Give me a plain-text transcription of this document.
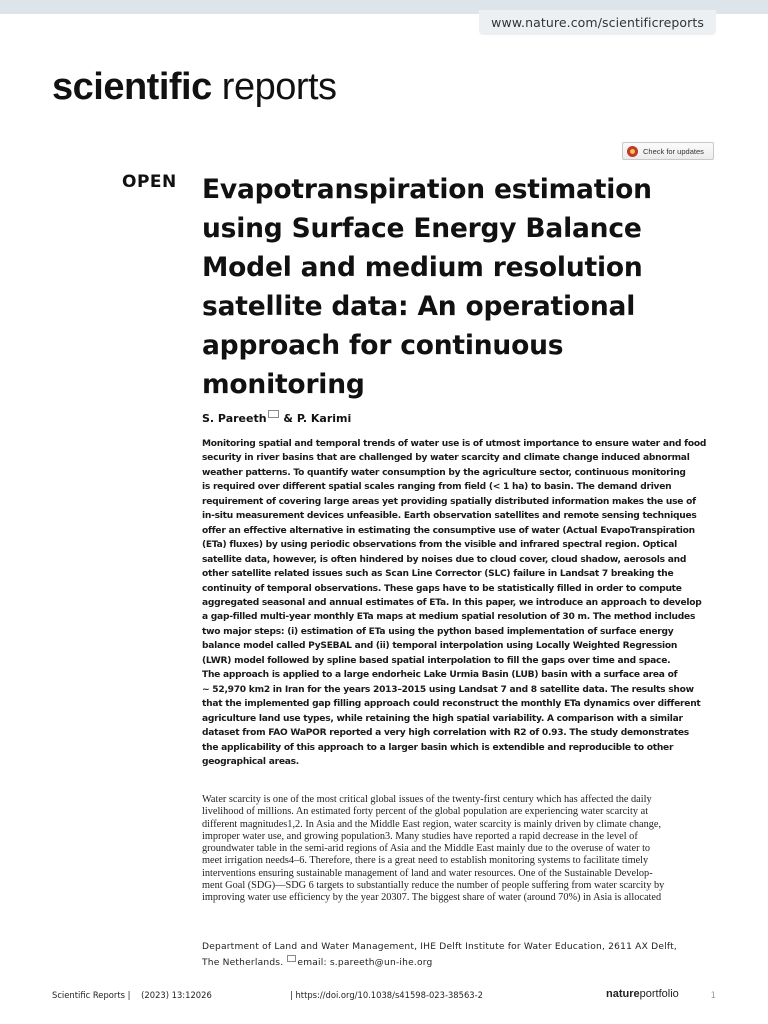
www.nature.com/scientificreports
scientific reports
Check for updates
OPEN Evapotranspiration estimation using Surface Energy Balance Model and medium resolution satellite data: An operational approach for continuous monitoring
S. Pareeth & P. Karimi
Monitoring spatial and temporal trends of water use is of utmost importance to ensure water and food
security in river basins that are challenged by water scarcity and climate change induced abnormal
weather patterns. To quantify water consumption by the agriculture sector, continuous monitoring
is required over different spatial scales ranging from field (< 1 ha) to basin. The demand driven
requirement of covering large areas yet providing spatially distributed information makes the use of
in-situ measurement devices unfeasible. Earth observation satellites and remote sensing techniques
offer an effective alternative in estimating the consumptive use of water (Actual EvapoTranspiration
(ETa) fluxes) by using periodic observations from the visible and infrared spectral region. Optical
satellite data, however, is often hindered by noises due to cloud cover, cloud shadow, aerosols and
other satellite related issues such as Scan Line Corrector (SLC) failure in Landsat 7 breaking the
continuity of temporal observations. These gaps have to be statistically filled in order to compute
aggregated seasonal and annual estimates of ETa. In this paper, we introduce an approach to develop
a gap-filled multi-year monthly ETa maps at medium spatial resolution of 30 m. The method includes
two major steps: (i) estimation of ETa using the python based implementation of surface energy
balance model called PySEBAL and (ii) temporal interpolation using Locally Weighted Regression
(LWR) model followed by spline based spatial interpolation to fill the gaps over time and space.
The approach is applied to a large endorheic Lake Urmia Basin (LUB) basin with a surface area of
~ 52,970 km2 in Iran for the years 2013–2015 using Landsat 7 and 8 satellite data. The results show
that the implemented gap filling approach could reconstruct the monthly ETa dynamics over different
agriculture land use types, while retaining the high spatial variability. A comparison with a similar
dataset from FAO WaPOR reported a very high correlation with R2 of 0.93. The study demonstrates
the applicability of this approach to a larger basin which is extendible and reproducible to other
geographical areas.
Water scarcity is one of the most critical global issues of the twenty-first century which has affected the daily
livelihood of millions. An estimated forty percent of the global population are experiencing water scarcity at
different magnitudes1,2. In Asia and the Middle East region, water scarcity is mainly driven by climate change,
improper water use, and growing population3. Many studies have reported a rapid decrease in the level of
groundwater table in the semi-arid regions of Asia and the Middle East mainly due to the overuse of water to
meet irrigation needs4–6. Therefore, there is a great need to establish monitoring systems to facilitate timely
interventions ensuring sustainable management of land and water resources. One of the Sustainable Develop-
ment Goal (SDG)—SDG 6 targets to substantially reduce the number of people suffering from water scarcity by
improving water use efficiency by the year 20307. The biggest share of water (around 70%) in Asia is allocated
Department of Land and Water Management, IHE Delft Institute for Water Education, 2611 AX Delft,
The Netherlands. email: s.pareeth@un-ihe.org
Scientific Reports | (2023) 13:12026	| https://doi.org/10.1038/s41598-023-38563-2	natureportfolio	1
